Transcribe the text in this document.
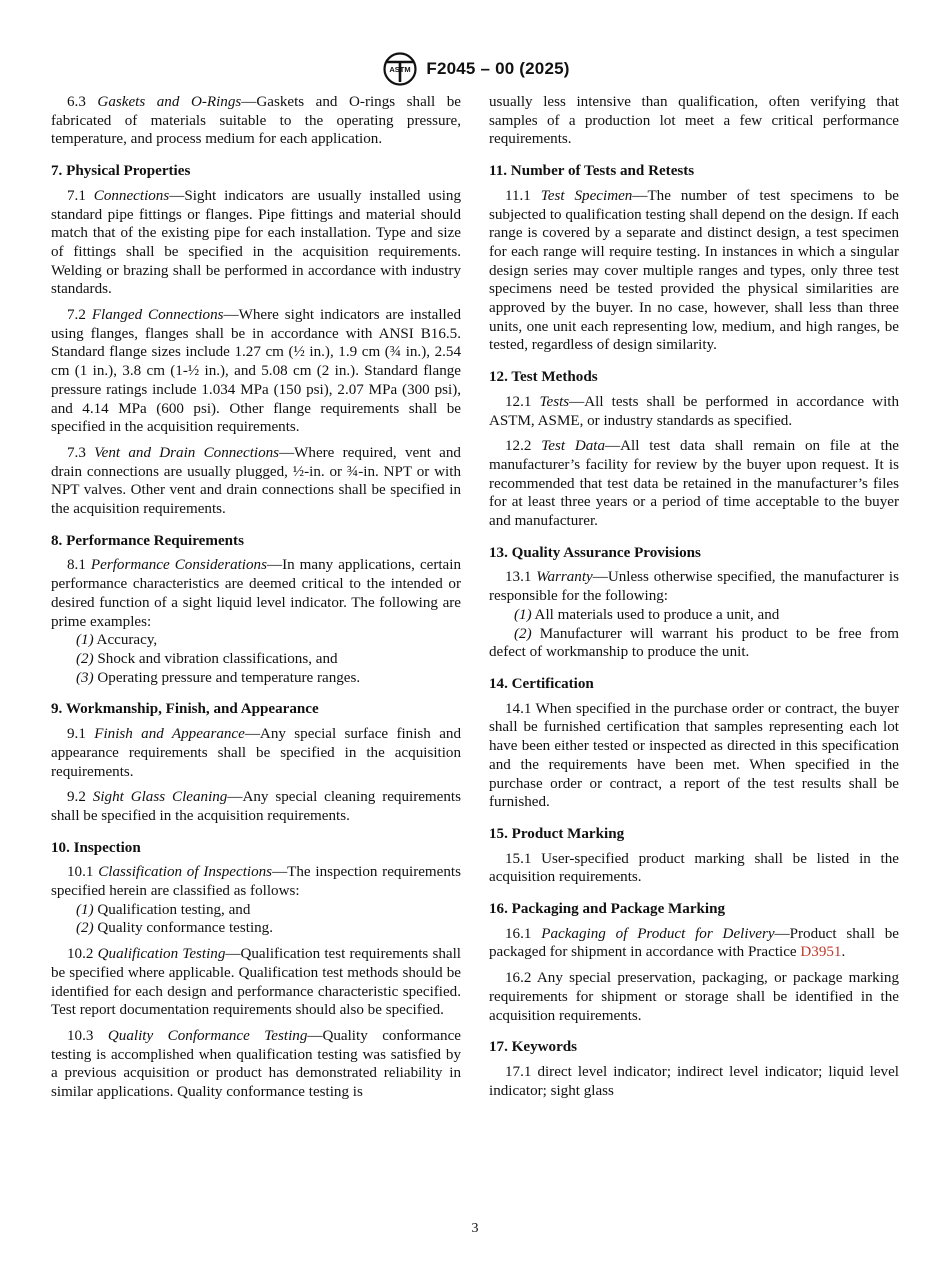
ASTM F2045 – 00 (2025)

6.3 Gaskets and O-Rings—Gaskets and O-rings shall be fabricated of materials suitable to the operating pressure, temperature, and process medium for each application.

7. Physical Properties

7.1 Connections—Sight indicators are usually installed using standard pipe fittings or flanges. Pipe fittings and material should match that of the existing pipe for each installation. Type and size of fittings shall be specified in the acquisition requirements. Welding or brazing shall be performed in accordance with industry standards.

7.2 Flanged Connections—Where sight indicators are installed using flanges, flanges shall be in accordance with ANSI B16.5. Standard flange sizes include 1.27 cm (½ in.), 1.9 cm (¾ in.), 2.54 cm (1 in.), 3.8 cm (1-½ in.), and 5.08 cm (2 in.). Standard flange pressure ratings include 1.034 MPa (150 psi), 2.07 MPa (300 psi), and 4.14 MPa (600 psi). Other flange requirements shall be specified in the acquisition requirements.

7.3 Vent and Drain Connections—Where required, vent and drain connections are usually plugged, ½-in. or ¾-in. NPT or with NPT valves. Other vent and drain connections shall be specified in the acquisition requirements.

8. Performance Requirements

8.1 Performance Considerations—In many applications, certain performance characteristics are deemed critical to the intended or desired function of a sight liquid level indicator. The following are prime examples:

(1) Accuracy,
(2) Shock and vibration classifications, and
(3) Operating pressure and temperature ranges.
9. Workmanship, Finish, and Appearance

9.1 Finish and Appearance—Any special surface finish and appearance requirements shall be specified in the acquisition requirements.

9.2 Sight Glass Cleaning—Any special cleaning requirements shall be specified in the acquisition requirements.

10. Inspection

10.1 Classification of Inspections—The inspection requirements specified herein are classified as follows:

(1) Qualification testing, and
(2) Quality conformance testing.

10.2 Qualification Testing—Qualification test requirements shall be specified where applicable. Qualification test methods should be identified for each design and performance characteristic specified. Test report documentation requirements should also be specified.

10.3 Quality Conformance Testing—Quality conformance testing is accomplished when qualification testing was satisfied by a previous acquisition or product has demonstrated reliability in similar applications. Quality conformance testing is

usually less intensive than qualification, often verifying that samples of a production lot meet a few critical performance requirements.

11. Number of Tests and Retests

11.1 Test Specimen—The number of test specimens to be subjected to qualification testing shall depend on the design. If each range is covered by a separate and distinct design, a test specimen for each range will require testing. In instances in which a singular design series may cover multiple ranges and types, only three test specimens need be tested provided the physical similarities are approved by the buyer. In no case, however, shall less than three units, one unit each representing low, medium, and high ranges, be tested, regardless of design similarity.

12. Test Methods

12.1 Tests—All tests shall be performed in accordance with ASTM, ASME, or industry standards as specified.

12.2 Test Data—All test data shall remain on file at the manufacturer’s facility for review by the buyer upon request. It is recommended that test data be retained in the manufacturer’s files for at least three years or a period of time acceptable to the buyer and manufacturer.

13. Quality Assurance Provisions

13.1 Warranty—Unless otherwise specified, the manufacturer is responsible for the following:

(1) All materials used to produce a unit, and

(2) Manufacturer will warrant his product to be free from defect of workmanship to produce the unit.

14. Certification

14.1 When specified in the purchase order or contract, the buyer shall be furnished certification that samples representing each lot have been either tested or inspected as directed in this specification and the requirements have been met. When specified in the purchase order or contract, a report of the test results shall be furnished.

15. Product Marking

15.1 User-specified product marking shall be listed in the acquisition requirements.

16. Packaging and Package Marking

16.1 Packaging of Product for Delivery—Product shall be packaged for shipment in accordance with Practice D3951.

16.2 Any special preservation, packaging, or package marking requirements for shipment or storage shall be identified in the acquisition requirements.

17. Keywords

17.1 direct level indicator; indirect level indicator; liquid level indicator; sight glass

3
